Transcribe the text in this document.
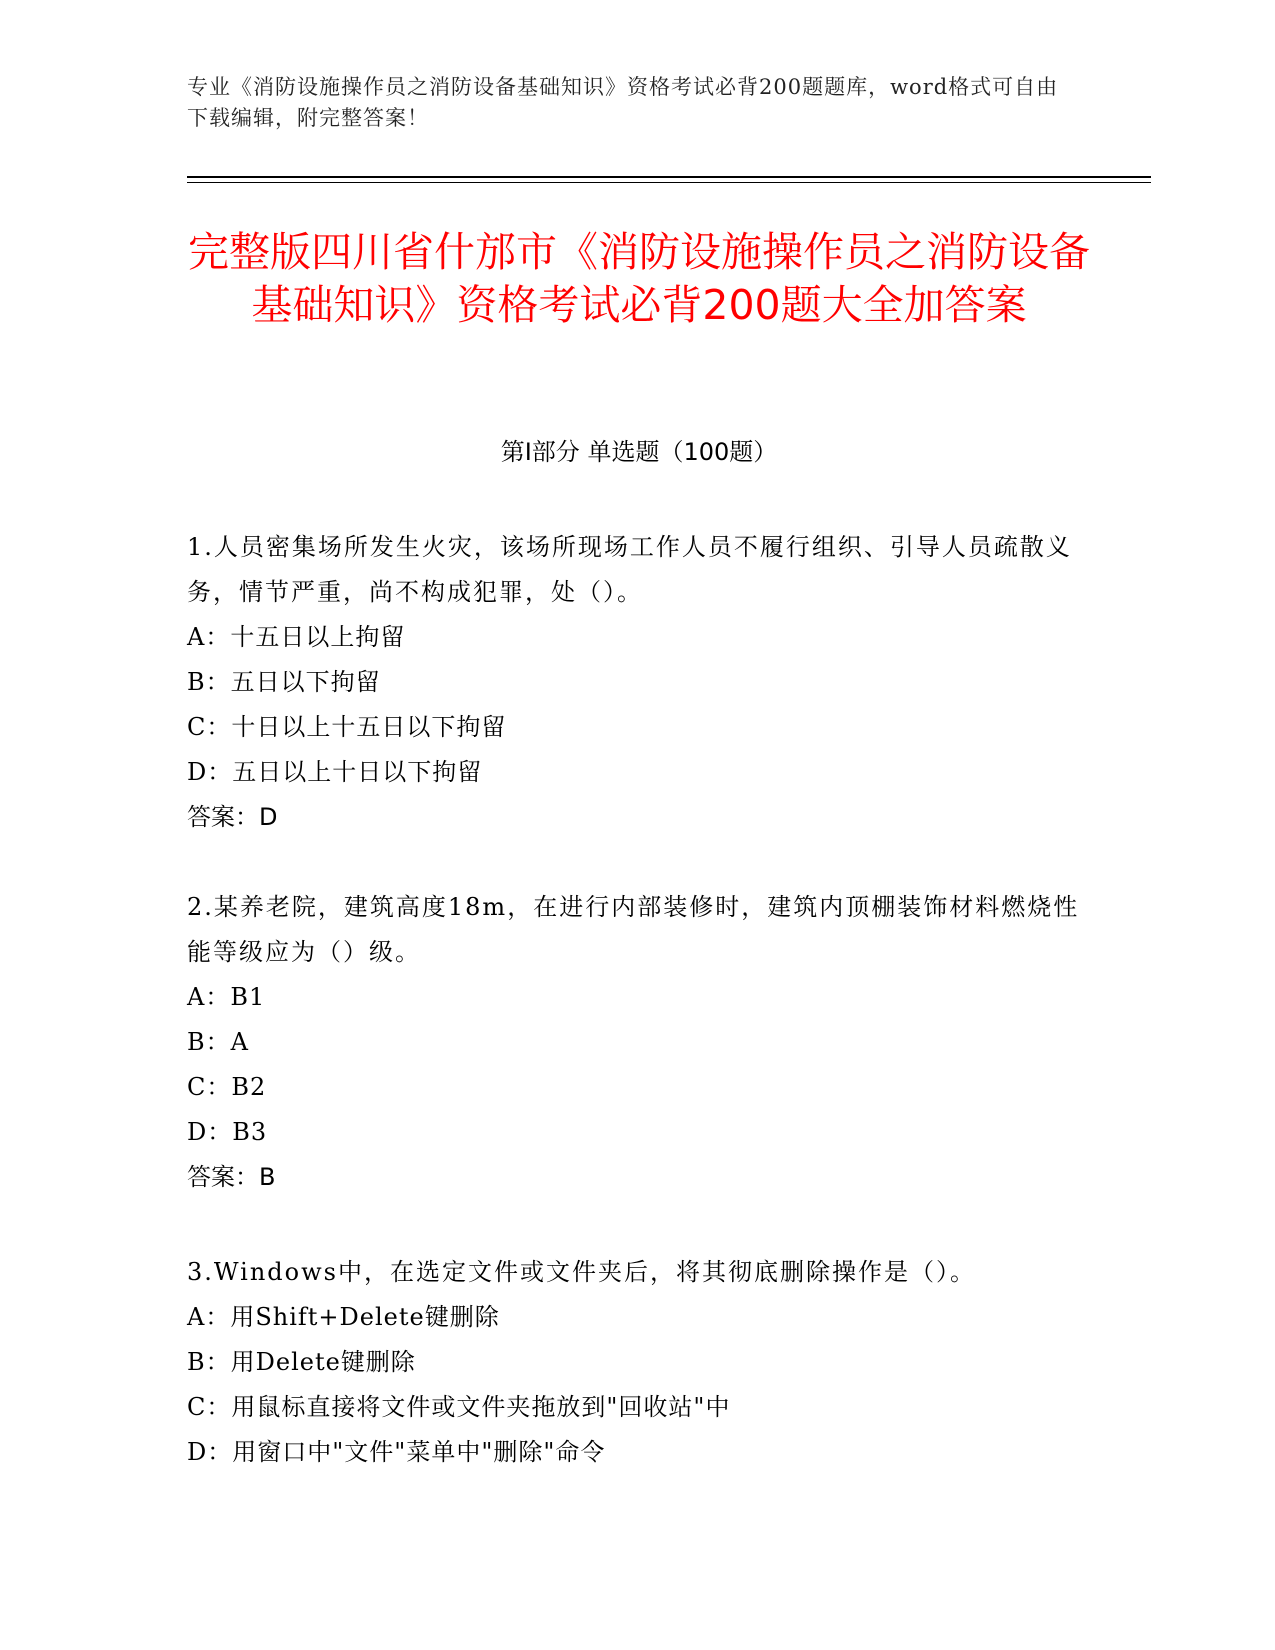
专业《消防设施操作员之消防设备基础知识》资格考试必背200题题库，word格式可自由下载编辑，附完整答案！
完整版四川省什邡市《消防设施操作员之消防设备基础知识》资格考试必背200题大全加答案
第Ⅰ部分 单选题（100题）
1.人员密集场所发生火灾，该场所现场工作人员不履行组织、引导人员疏散义务，情节严重，尚不构成犯罪，处（）。
A：十五日以上拘留
B：五日以下拘留
C：十日以上十五日以下拘留
D：五日以上十日以下拘留
答案：D
2.某养老院，建筑高度18m，在进行内部装修时，建筑内顶棚装饰材料燃烧性能等级应为（）级。
A：B1
B：A
C：B2
D：B3
答案：B
3.Windows中，在选定文件或文件夹后，将其彻底删除操作是（）。
A：用Shift+Delete键删除
B：用Delete键删除
C：用鼠标直接将文件或文件夹拖放到"回收站"中
D：用窗口中"文件"菜单中"删除"命令
